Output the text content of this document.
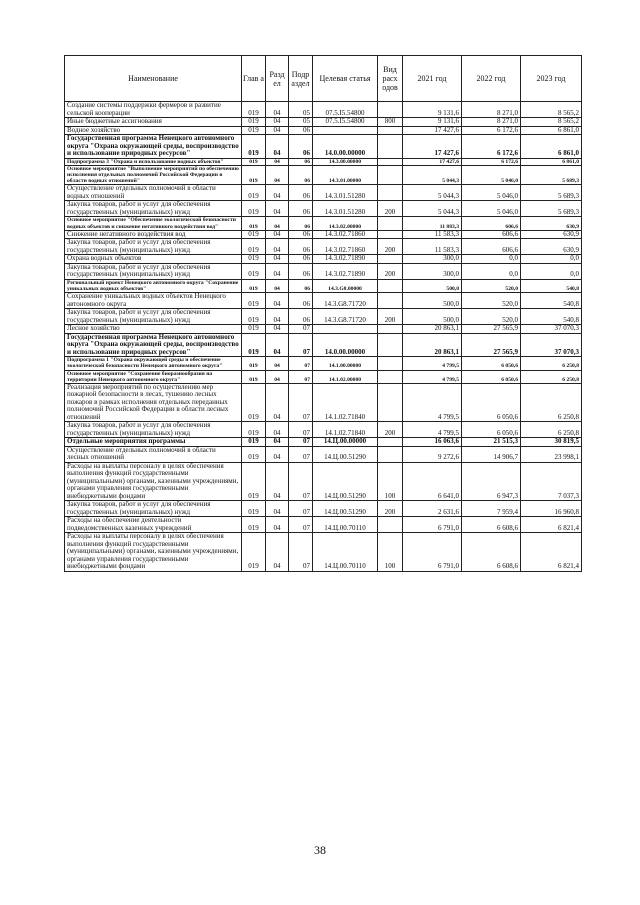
Наименование	Глав а	Разд ел	Подр аздел	Целевая статья	Вид расх одов	2021 год	2022 год	2023 год
Создание системы поддержки фермеров и развитие сельской кооперации	019	04	05	07.5.I5.54800		9 131,6	8 271,0	8 565,2
Иные бюджетные ассигнования	019	04	05	07.5.I5.54800	800	9 131,6	8 271,0	8 565,2
Водное хозяйство	019	04	06			17 427,6	6 172,6	6 861,0
Государственная программа Ненецкого автономного округа "Охрана окружающей среды, воспроизводство и использование природных ресурсов"	019	04	06	14.0.00.00000		17 427,6	6 172,6	6 861,0
Подпрограмма 3 "Охрана и использование водных объектов"	019	04	06	14.3.00.00000		17 427,6	6 172,6	6 861,0
Основное мероприятие "Выполнение мероприятий по обеспечению исполнения отдельных полномочий Российской Федерации в области водных отношений"	019	04	06	14.3.01.00000		5 044,3	5 046,0	5 689,3
Осуществление отдельных полномочий в области водных отношений	019	04	06	14.3.01.51280		5 044,3	5 046,0	5 689,3
Закупка товаров, работ и услуг для обеспечения государственных (муниципальных) нужд	019	04	06	14.3.01.51280	200	5 044,3	5 046,0	5 689,3
Основное мероприятие "Обеспечение экологической безопасности водных объектов и снижение негативного воздействия вод"	019	04	06	14.3.02.00000		11 883,3	606,6	630,9
Снижение негативного воздействия вод	019	04	06	14.3.02.71860		11 583,3	606,6	630,9
Закупка товаров, работ и услуг для обеспечения государственных (муниципальных) нужд	019	04	06	14.3.02.71860	200	11 583,3	606,6	630,9
Охрана водных объектов	019	04	06	14.3.02.71890		300,0	0,0	0,0
Закупка товаров, работ и услуг для обеспечения государственных (муниципальных) нужд	019	04	06	14.3.02.71890	200	300,0	0,0	0,0
Региональный проект Ненецкого автономного округа "Сохранение уникальных водных объектов"	019	04	06	14.3.G8.00000		500,0	520,0	540,8
Сохранение уникальных водных объектов Ненецкого автономного округа	019	04	06	14.3.G8.71720		500,0	520,0	540,8
Закупка товаров, работ и услуг для обеспечения государственных (муниципальных) нужд	019	04	06	14.3.G8.71720	200	500,0	520,0	540,8
Лесное хозяйство	019	04	07			20 863,1	27 565,9	37 070,3
Государственная программа Ненецкого автономного округа "Охрана окружающей среды, воспроизводство и использование природных ресурсов"	019	04	07	14.0.00.00000		20 863,1	27 565,9	37 070,3
Подпрограмма 1 "Охрана окружающей среды и обеспечение экологической безопасности Ненецкого автономного округа"	019	04	07	14.1.00.00000		4 799,5	6 050,6	6 250,8
Основное мероприятие "Сохранение биоразнообразия на территории Ненецкого автономного округа"	019	04	07	14.1.02.00000		4 799,5	6 050,6	6 250,8
Реализация мероприятий по осуществлению мер пожарной безопасности в лесах, тушению лесных пожаров в рамках исполнения отдельных переданных полномочий Российской Федерации в области лесных отношений	019	04	07	14.1.02.71840		4 799,5	6 050,6	6 250,8
Закупка товаров, работ и услуг для обеспечения государственных (муниципальных) нужд	019	04	07	14.1.02.71840	200	4 799,5	6 050,6	6 250,8
Отдельные мероприятия программы	019	04	07	14.Ц.00.00000		16 063,6	21 515,3	30 819,5
Осуществление отдельных полномочий в области лесных отношений	019	04	07	14.Ц.00.51290		9 272,6	14 906,7	23 998,1
Расходы на выплаты персоналу в целях обеспечения выполнения функций государственными (муниципальными) органами, казенными учреждениями, органами управления государственными внебюджетными фондами	019	04	07	14.Ц.00.51290	100	6 641,0	6 947,3	7 037,3
Закупка товаров, работ и услуг для обеспечения государственных (муниципальных) нужд	019	04	07	14.Ц.00.51290	200	2 631,6	7 959,4	16 960,8
Расходы на обеспечение деятельности подведомственных казенных учреждений	019	04	07	14.Ц.00.70110		6 791,0	6 608,6	6 821,4
Расходы на выплаты персоналу в целях обеспечения выполнения функций государственными (муниципальными) органами, казенными учреждениями, органами управления государственными внебюджетными фондами	019	04	07	14.Ц.00.70110	100	6 791,0	6 608,6	6 821,4
38
